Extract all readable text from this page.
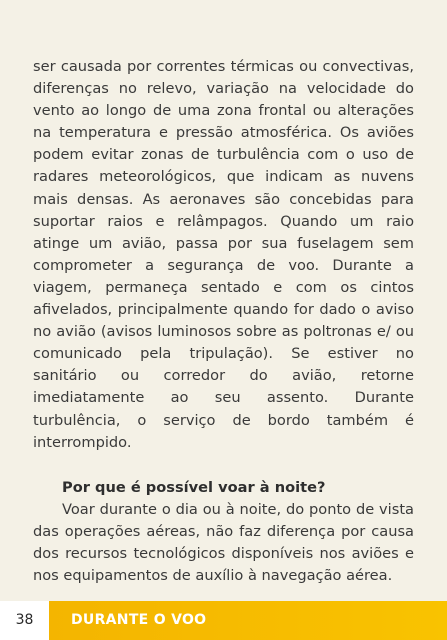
ser causada por correntes térmicas ou convectivas, diferenças no relevo, variação na velocidade do vento ao longo de uma zona frontal ou alterações na temperatura e pressão atmosférica. Os aviões podem evitar zonas de turbulência com o uso de radares meteorológicos, que indicam as nuvens mais densas. As aeronaves são concebidas para suportar raios e relâmpagos. Quando um raio atinge um avião, passa por sua fuselagem sem comprometer a segurança de voo. Durante a viagem, permaneça sentado e com os cintos afivelados, principalmente quando for dado o aviso no avião (avisos luminosos sobre as poltronas e/ ou comunicado pela tripulação). Se estiver no sanitário ou corredor do avião, retorne imediatamente ao seu assento. Durante turbulência, o serviço de bordo também é interrompido.

Por que é possível voar à noite?

Voar durante o dia ou à noite, do ponto de vista das operações aéreas, não faz diferença por causa dos recursos tecnológicos disponíveis nos aviões e nos equipamentos de auxílio à navegação aérea.

38	DURANTE O VOO
